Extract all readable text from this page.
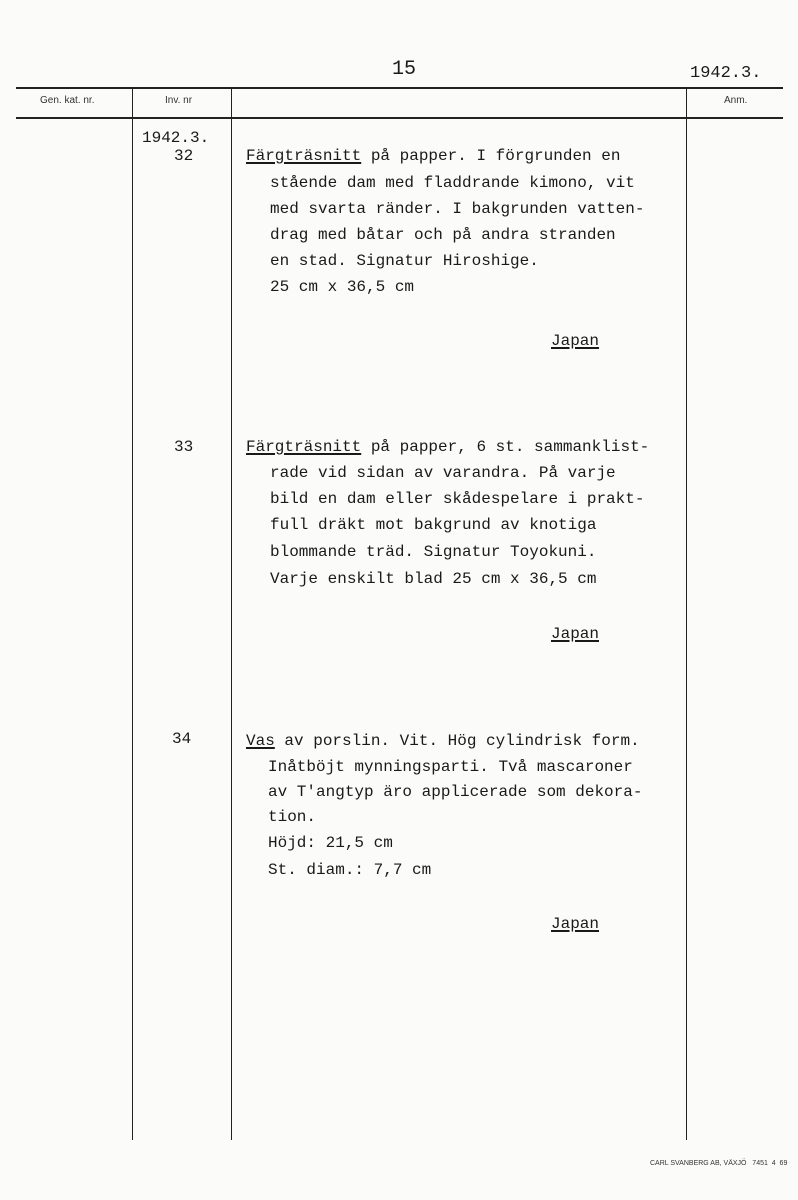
15	1942.3.
Gen. kat. nr.	Inv. nr	Anm.
1942.3.
32	Färgträsnitt på papper. I förgrunden en
stående dam med fladdrande kimono, vit
med svarta ränder. I bakgrunden vatten-
drag med båtar och på andra stranden
en stad. Signatur Hiroshige.
25 cm x 36,5 cm
Japan
33	Färgträsnitt på papper, 6 st. sammanklist-
rade vid sidan av varandra. På varje
bild en dam eller skådespelare i prakt-
full dräkt mot bakgrund av knotiga
blommande träd. Signatur Toyokuni.
Varje enskilt blad 25 cm x 36,5 cm
Japan
34	Vas av porslin. Vit. Hög cylindrisk form.
Inåtböjt mynningsparti. Två mascaroner
av T'angtyp äro applicerade som dekora-
tion.
Höjd: 21,5 cm
St. diam.: 7,7 cm
Japan
CARL SVANBERG AB, VÄXJÖ   7451  4  69
